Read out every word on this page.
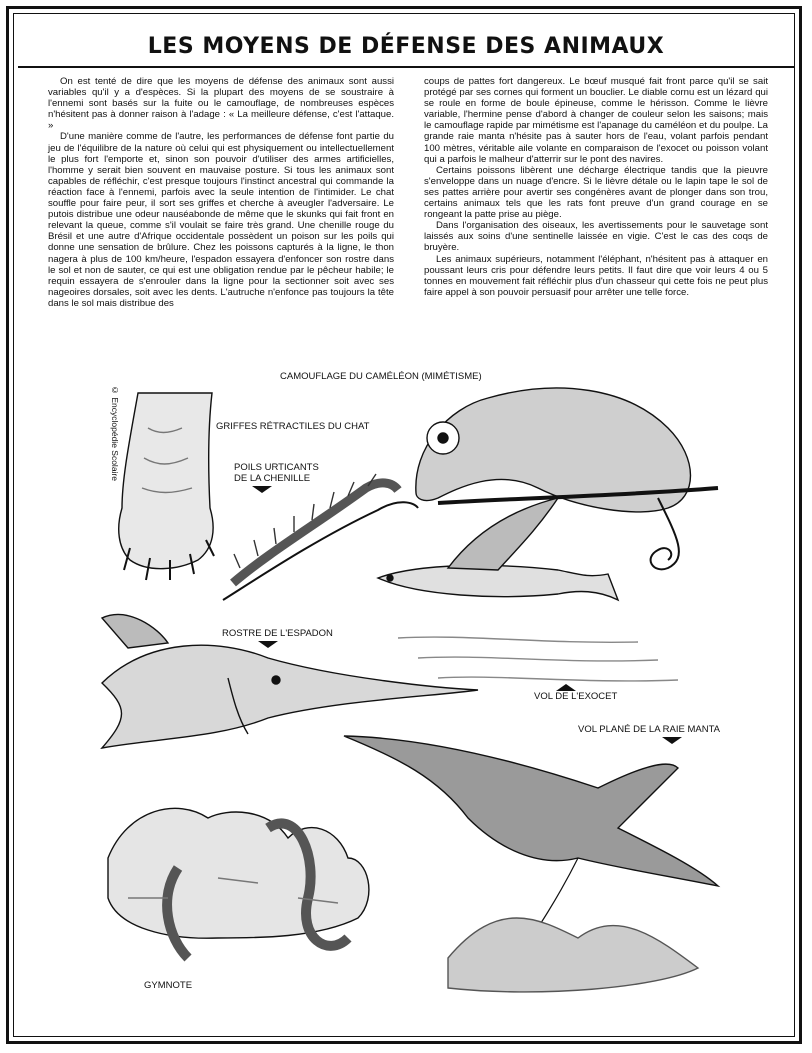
LES MOYENS DE DÉFENSE DES ANIMAUX

On est tenté de dire que les moyens de défense des animaux sont aussi variables qu'il y a d'espèces. Si la plupart des moyens de se soustraire à l'ennemi sont basés sur la fuite ou le camouflage, de nombreuses espèces n'hésitent pas à donner raison à l'adage : « La meilleure défense, c'est l'attaque. »

D'une manière comme de l'autre, les performances de défense font partie du jeu de l'équilibre de la nature où celui qui est physiquement ou intellectuellement le plus fort l'emporte et, sinon son pouvoir d'utiliser des armes artificielles, l'homme y serait bien souvent en mauvaise posture. Si tous les animaux sont capables de réfléchir, c'est presque toujours l'instinct ancestral qui commande la réaction face à l'ennemi, parfois avec la seule intention de l'intimider. Le chat souffle pour faire peur, il sort ses griffes et cherche à aveugler l'adversaire. Le putois distribue une odeur nauséabonde de même que le skunks qui fait front en relevant la queue, comme s'il voulait se faire très grand. Une chenille rouge du Brésil et une autre d'Afrique occidentale possèdent un poison sur les poils qui donne une sensation de brûlure. Chez les poissons capturés à la ligne, le thon nagera à plus de 100 km/heure, l'espadon essayera d'enfoncer son rostre dans le sol et non de sauter, ce qui est une obligation rendue par le pêcheur habile; le requin essayera de s'enrouler dans la ligne pour la sectionner soit avec ses nageoires dorsales, soit avec les dents. L'autruche n'enfonce pas toujours la tête dans le sol mais distribue des

coups de pattes fort dangereux. Le bœuf musqué fait front parce qu'il se sait protégé par ses cornes qui forment un bouclier. Le diable cornu est un lézard qui se roule en forme de boule épineuse, comme le hérisson. Comme le lièvre variable, l'hermine pense d'abord à changer de couleur selon les saisons; mais le camouflage rapide par mimétisme est l'apanage du caméléon et du poulpe. La grande raie manta n'hésite pas à sauter hors de l'eau, volant parfois pendant 100 mètres, véritable aile volante en comparaison de l'exocet ou poisson volant qui a parfois le malheur d'atterrir sur le pont des navires.

Certains poissons libèrent une décharge électrique tandis que la pieuvre s'enveloppe dans un nuage d'encre. Si le lièvre détale ou le lapin tape le sol de ses pattes arrière pour avertir ses congénères avant de plonger dans son trou, certains animaux tels que les rats font preuve d'un grand courage en se rongeant la patte prise au piège.

Dans l'organisation des oiseaux, les avertissements pour le sauvetage sont laissés aux soins d'une sentinelle laissée en vigie. C'est le cas des coqs de bruyère.

Les animaux supérieurs, notamment l'éléphant, n'hésitent pas à attaquer en poussant leurs cris pour défendre leurs petits. Il faut dire que voir leurs 4 ou 5 tonnes en mouvement fait réfléchir plus d'un chasseur qui cette fois ne peut plus faire appel à son pouvoir persuasif pour arrêter une telle force.

CAMOUFLAGE DU CAMÉLÉON (MIMÉTISME)
GRIFFES RÉTRACTILES DU CHAT
POILS URTICANTS
DE LA CHENILLE
ROSTRE DE L'ESPADON
VOL DE L'EXOCET
VOL PLANÉ DE LA RAIE MANTA
GYMNOTE
© Encyclopédie Scolaire
